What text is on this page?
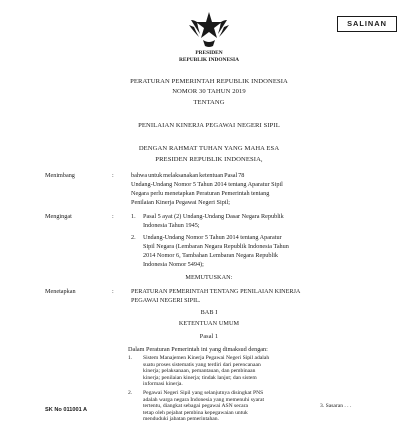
PRESIDEN
REPUBLIK INDONESIA
SALINAN
PERATURAN PEMERINTAH REPUBLIK INDONESIA
NOMOR 30 TAHUN 2019
TENTANG
PENILAIAN KINERJA PEGAWAI NEGERI SIPIL
DENGAN RAHMAT TUHAN YANG MAHA ESA
PRESIDEN REPUBLIK INDONESIA,
Menimbang	:	bahwa untuk melaksanakan ketentuan Pasal 78
Undang-Undang Nomor 5 Tahun 2014 tentang Aparatur Sipil
Negara perlu menetapkan Peraturan Pemerintah tentang
Penilaian Kinerja Pegawai Negeri Sipil;
Mengingat	:	1. Pasal 5 ayat (2) Undang-Undang Dasar Negara Republik
Indonesia Tahun 1945;
2. Undang-Undang Nomor 5 Tahun 2014 tentang Aparatur
Sipil Negara (Lembaran Negara Republik Indonesia Tahun
2014 Nomor 6, Tambahan Lembaran Negara Republik
Indonesia Nomor 5494);
MEMUTUSKAN:
Menetapkan	:	PERATURAN PEMERINTAH TENTANG PENILAIAN KINERJA
PEGAWAI NEGERI SIPIL.
BAB I
KETENTUAN UMUM
Pasal 1
Dalam Peraturan Pemerintah ini yang dimaksud dengan:
1. Sistem Manajemen Kinerja Pegawai Negeri Sipil adalah
suatu proses sistematis yang terdiri dari perencanaan
kinerja; pelaksanaan, pemantauan, dan pembinaan
kinerja; penilaian kinerja; tindak lanjut; dan sistem
informasi kinerja.
2.
3. Sasaran . . .
SK No 011001 A
Pegawai Negeri Sipil yang selanjutnya disingkat PNS
adalah warga negara Indonesia yang memenuhi syarat
tertentu, diangkat sebagai pegawai ASN secara
tetap oleh pejabat pembina kepegawaian untuk
menduduki jabatan pemerintahan.
